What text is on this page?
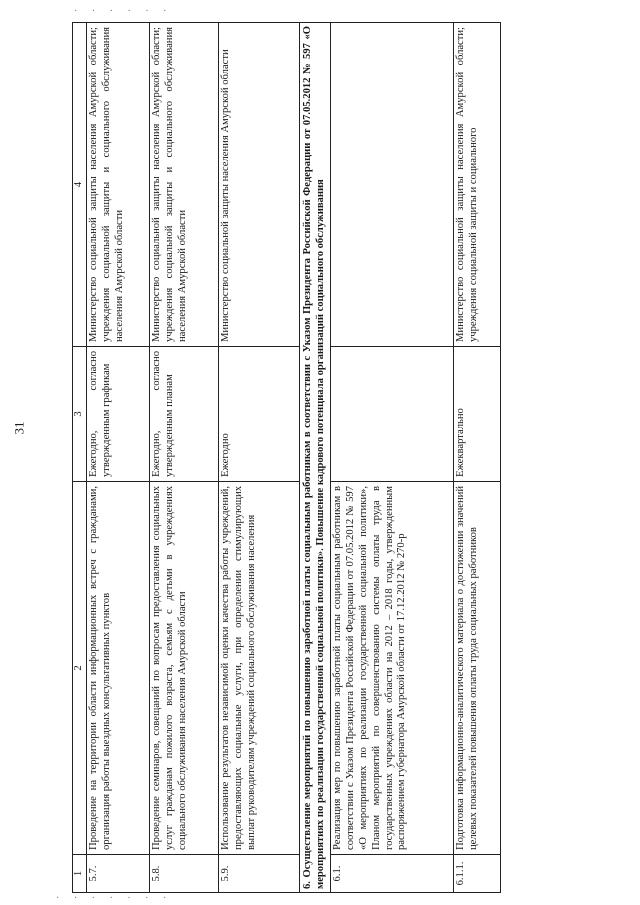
· · · · · ·
31
1	2	3	4
5.7.	Проведение на территории области информационных встреч с гражданами, организация работы выездных консультативных пунктов	Ежегодно, согласно утвержденным графикам	Министерство социальной защиты населения Амурской области; учреждения социальной защиты и социального обслуживания населения Амурской области
5.8.	Проведение семинаров, совещаний по вопросам предоставления социальных услуг гражданам пожилого возраста, семьям с детьми в учреждениях социального обслуживания населения Амурской области	Ежегодно, согласно утвержденным планам	Министерство социальной защиты населения Амурской области; учреждения социальной защиты и социального обслуживания населения Амурской области
5.9.	Использование результатов независимой оценки качества работы учреждений, предоставляющих социальные услуги, при определении стимулирующих выплат руководителям учреждений социального обслуживания населения	Ежегодно	Министерство социальной защиты населения Амурской области
6. Осуществление мероприятий по повышению заработной платы социальным работникам в соответствии с Указом Президента Российской Федерации от 07.05.2012 № 597 «О мероприятиях по реализации государственной социальной политики». Повышение кадрового потенциала организаций социального обслуживания			
6.1.	Реализация мер по повышению заработной платы социальным работникам в соответствии с Указом Президента Российской Федерации от 07.05.2012 № 597 «О мероприятиях по реализации государственной социальной политики», Планом мероприятий по совершенствованию системы оплаты труда в государственных учреждениях области на 2012 – 2018 годы, утвержденным распоряжением губернатора Амурской области от 17.12.2012 № 270-р		
6.1.1.	Подготовка информационно-аналитического материала о достижении значений целевых показателей повышения оплаты труда социальных работников	Ежеквартально	Министерство социальной защиты населения Амурской области; учреждения социальной защиты и социального
· · · · · · ·
